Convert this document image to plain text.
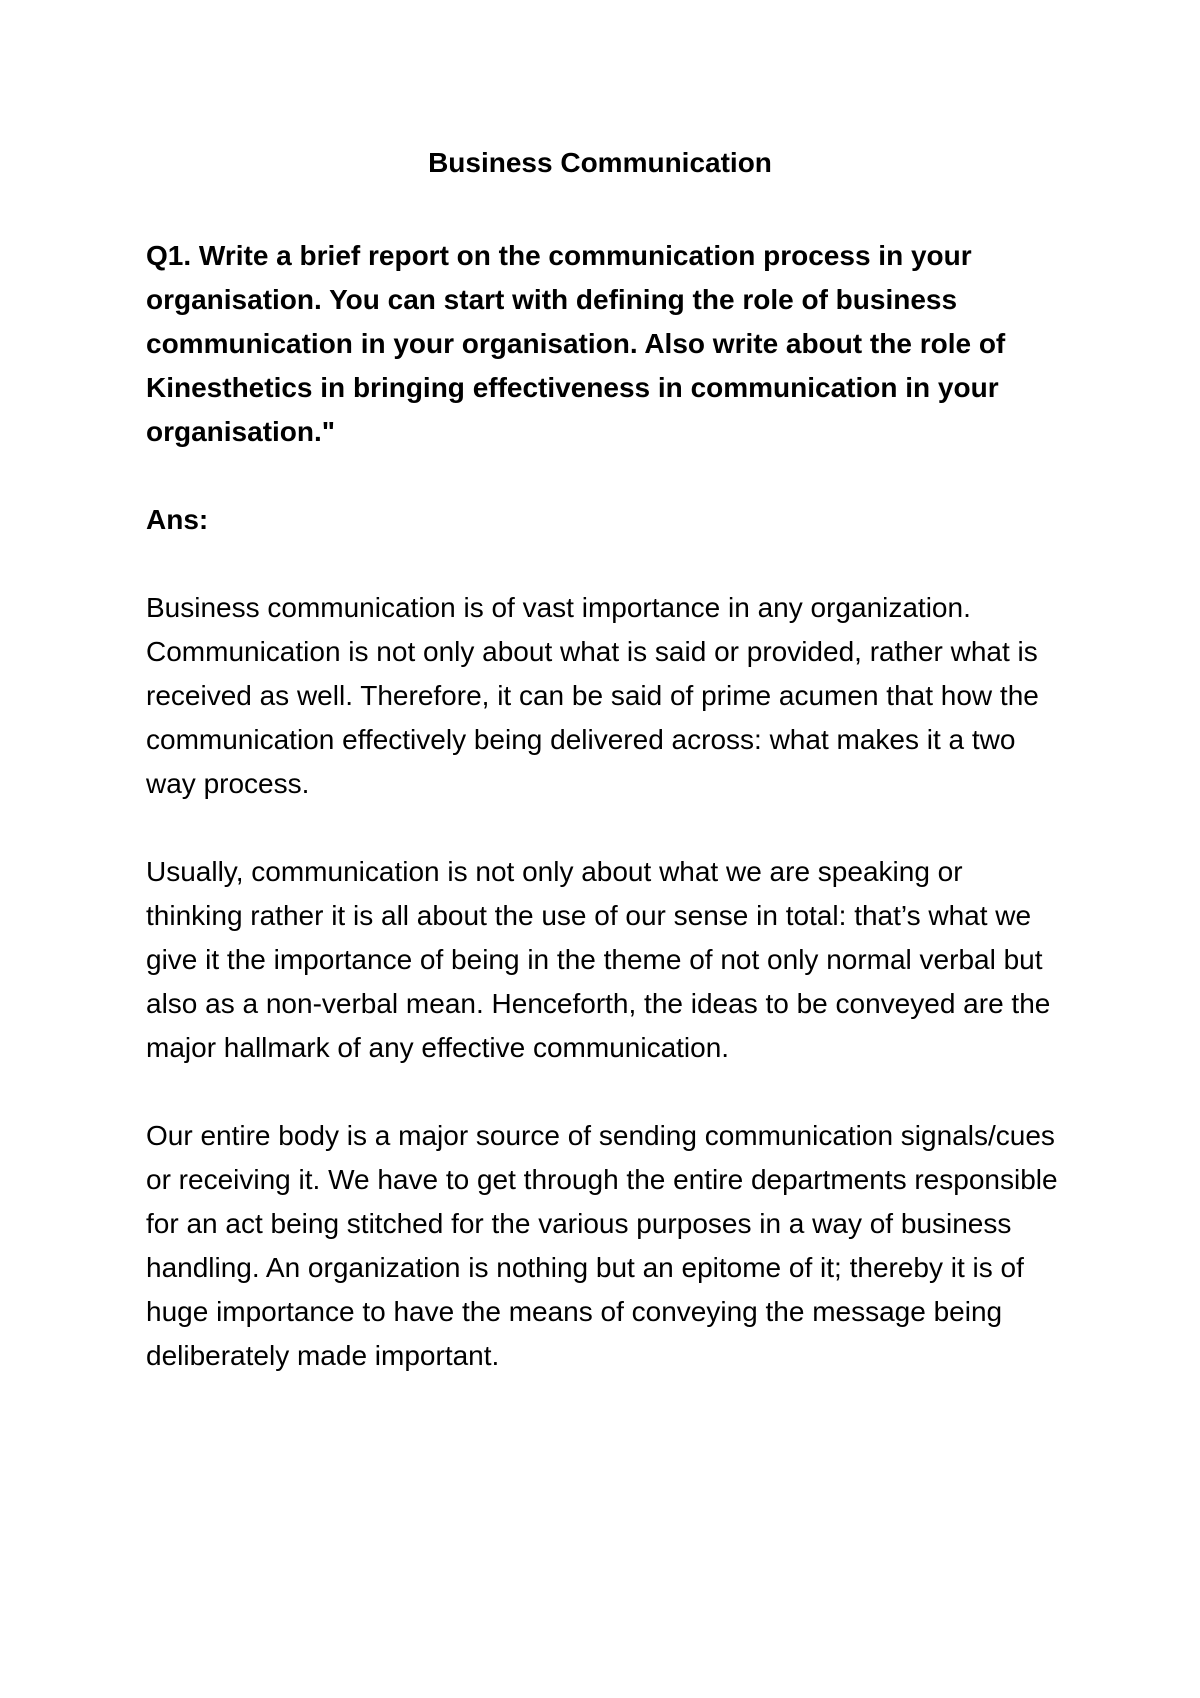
Business Communication

Q1. Write a brief report on the communication process in your organisation. You can start with defining the role of business communication in your organisation. Also write about the role of Kinesthetics in bringing effectiveness in communication in your organisation."

Ans:

Business communication is of vast importance in any organization. Communication is not only about what is said or provided, rather what is received as well. Therefore, it can be said of prime acumen that how the communication effectively being delivered across: what makes it a two way process.

Usually, communication is not only about what we are speaking or thinking rather it is all about the use of our sense in total: that’s what we give it the importance of being in the theme of not only normal verbal but also as a non-verbal mean. Henceforth, the ideas to be conveyed are the major hallmark of any effective communication.

Our entire body is a major source of sending communication signals/cues or receiving it. We have to get through the entire departments responsible for an act being stitched for the various purposes in a way of business handling. An organization is nothing but an epitome of it; thereby it is of huge importance to have the means of conveying the message being deliberately made important.
